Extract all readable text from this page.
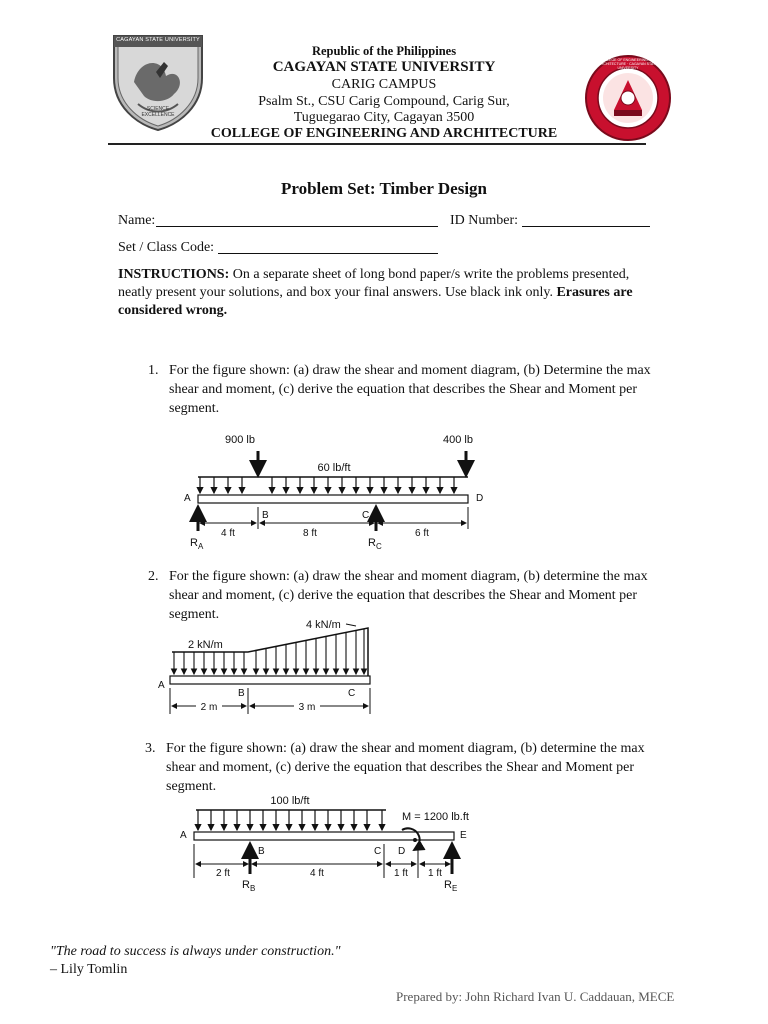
CAGAYAN STATE UNIVERSITY
SCIENCE EXCELLENCE
COLLEGE OF ENGINEERING AND ARCHITECTURE · CAGAYAN STATE UNIVERSITY
Republic of the Philippines
CAGAYAN STATE UNIVERSITY
CARIG CAMPUS
Psalm St., CSU Carig Compound, Carig Sur,
Tuguegarao City, Cagayan 3500
COLLEGE OF ENGINEERING AND ARCHITECTURE
Problem Set: Timber Design
Name:	ID Number:
Set / Class Code:
INSTRUCTIONS: On a separate sheet of long bond paper/s write the problems presented, neatly present your solutions, and box your final answers. Use black ink only. Erasures are considered wrong.
1. For the figure shown: (a) draw the shear and moment diagram, (b) Determine the max shear and moment, (c) derive the equation that describes the Shear and Moment per segment.
900 lb	400 lb
60 lb/ft
A	D
B	C
$R_A$	$R_C$
4 ft	8 ft	6 ft
2. For the figure shown: (a) draw the shear and moment diagram, (b) determine the max shear and moment, (c) derive the equation that describes the Shear and Moment per segment.
4 kN/m
2 kN/m
A
B	C
2 m	3 m
3. For the figure shown: (a) draw the shear and moment diagram, (b) determine the max shear and moment, (c) derive the equation that describes the Shear and Moment per segment.
100 lb/ft
M = 1200 lb.ft
A	E
B	C D
$R_B$	$R_E$
2 ft	4 ft	1 ft 1 ft
"The road to success is always under construction."
– Lily Tomlin
Prepared by: John Richard Ivan U. Caddauan, MECE
